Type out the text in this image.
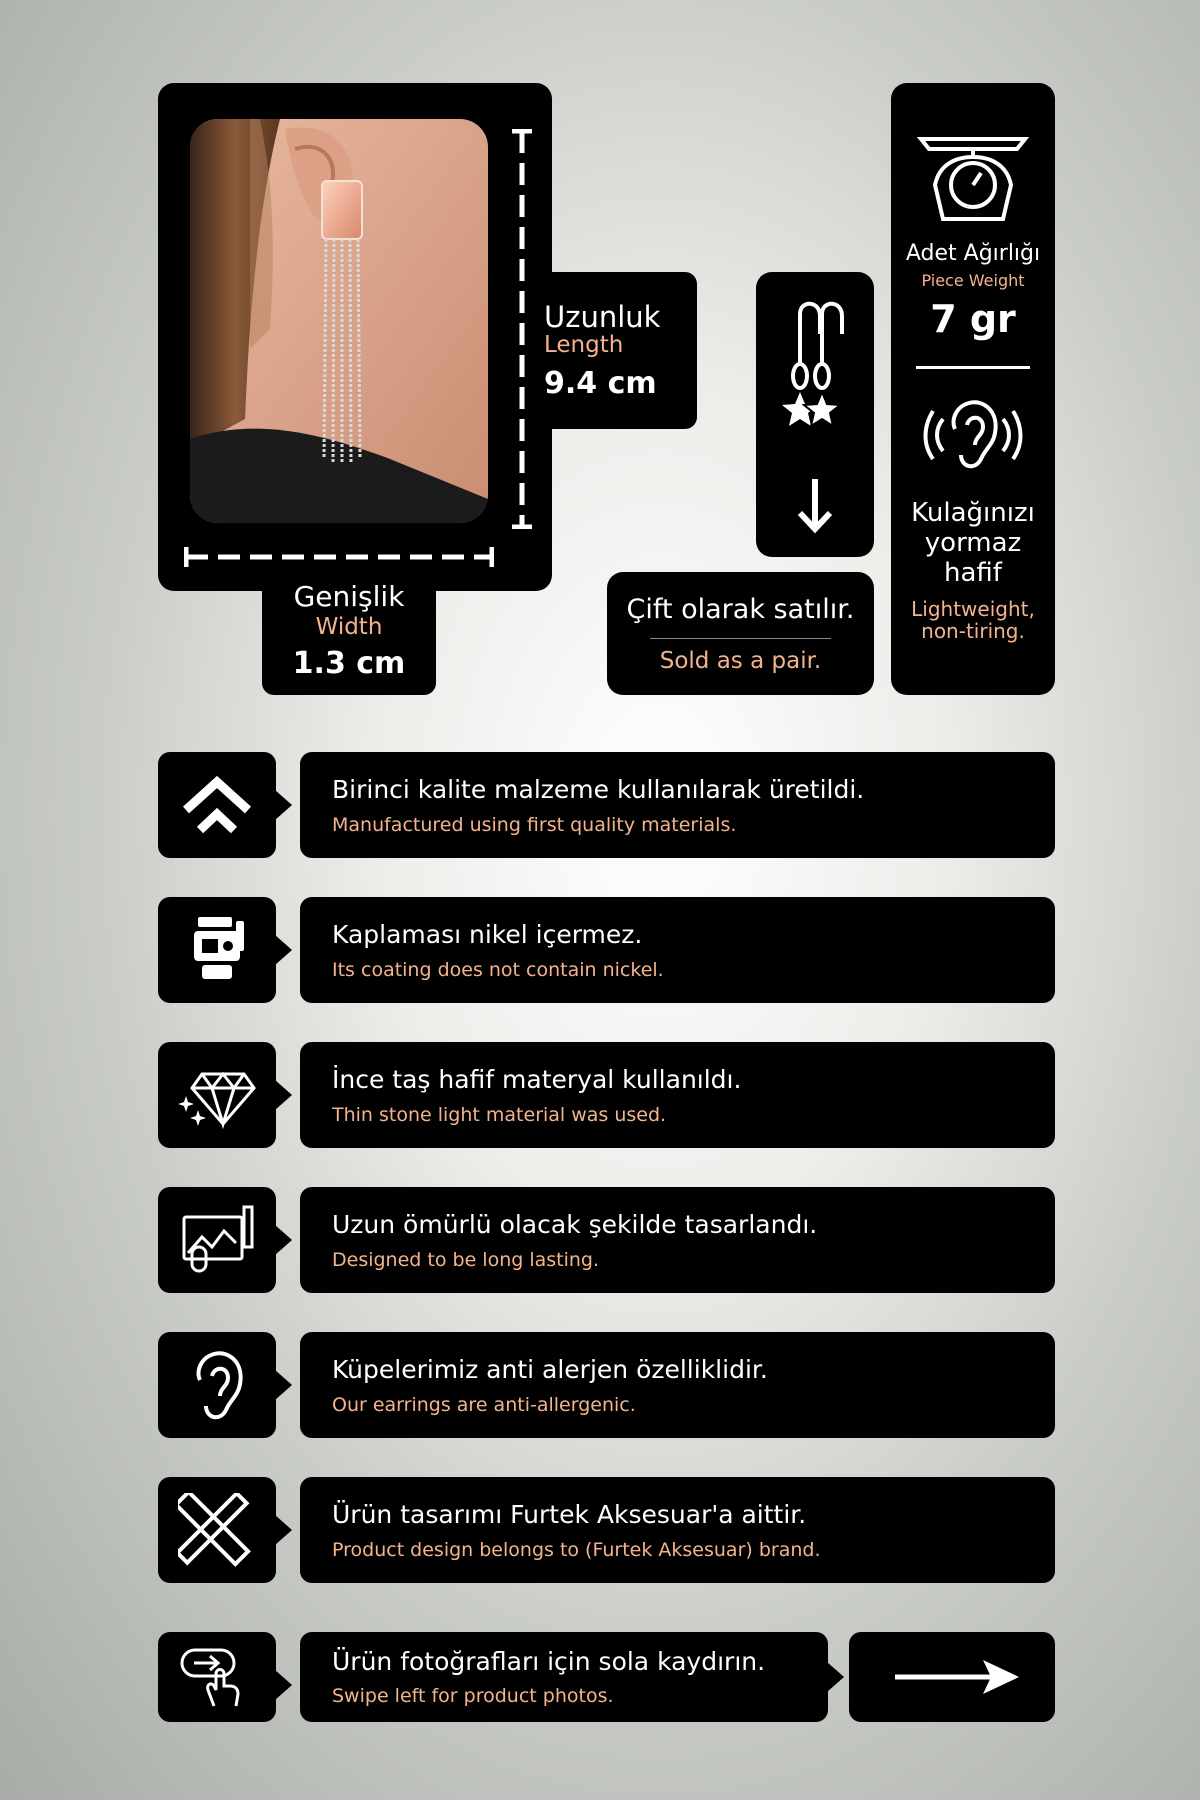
Uzunluk
Length
9.4 cm
Genişlik
Width
1.3 cm
Çift olarak satılır.
Sold as a pair.
Adet Ağırlığı
Piece Weight
7 gr
Kulağınızı
yormaz
hafif
Lightweight,
non-tiring.
Birinci kalite malzeme kullanılarak üretildi.
Manufactured using first quality materials.
Kaplaması nikel içermez.
Its coating does not contain nickel.
İnce taş hafif materyal kullanıldı.
Thin stone light material was used.
Uzun ömürlü olacak şekilde tasarlandı.
Designed to be long lasting.
Küpelerimiz anti alerjen özelliklidir.
Our earrings are anti-allergenic.
Ürün tasarımı Furtek Aksesuar'a aittir.
Product design belongs to (Furtek Aksesuar) brand.
Ürün fotoğrafları için sola kaydırın.
Swipe left for product photos.
